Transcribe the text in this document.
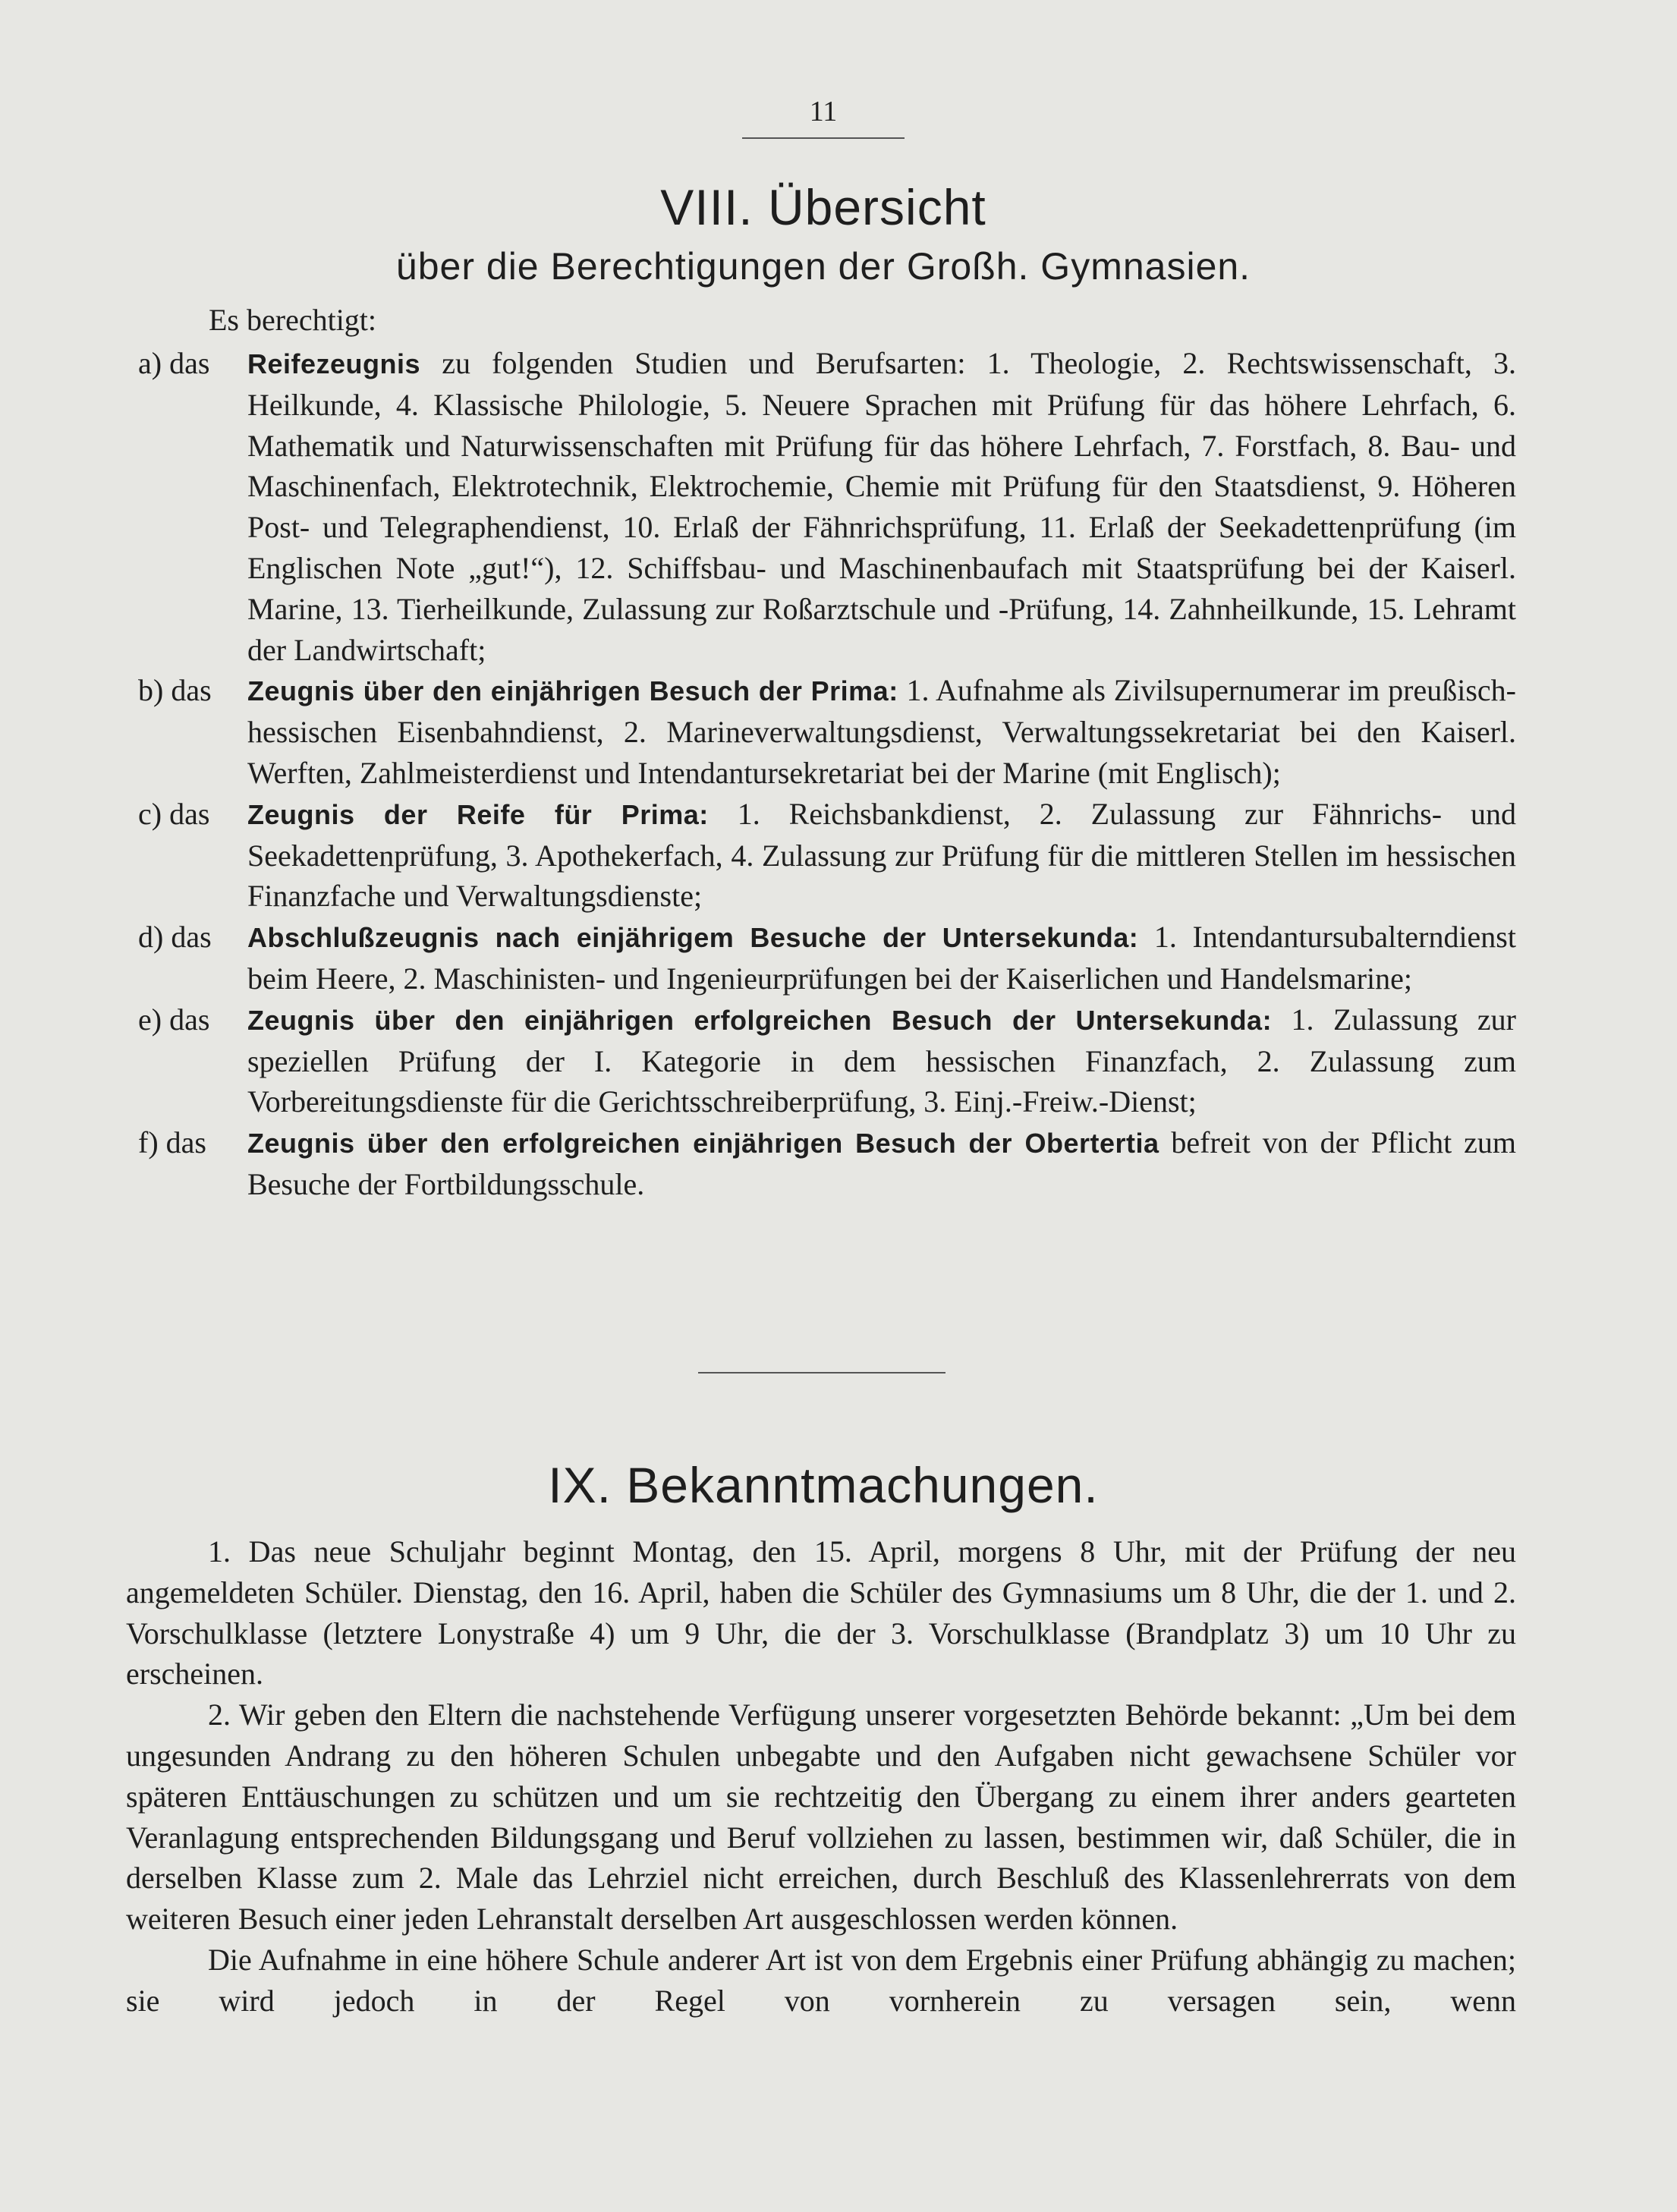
11
VIII. Übersicht
über die Berechtigungen der Großh. Gymnasien.
Es berechtigt:
a) das	Reifezeugnis zu folgenden Studien und Berufsarten: 1. Theologie, 2. Rechtswissenschaft, 3. Heilkunde, 4. Klassische Philologie, 5. Neuere Sprachen mit Prüfung für das höhere Lehrfach, 6. Mathematik und Naturwissenschaften mit Prüfung für das höhere Lehrfach, 7. Forstfach, 8. Bau- und Maschinenfach, Elektrotechnik, Elektrochemie, Chemie mit Prüfung für den Staatsdienst, 9. Höheren Post- und Telegraphendienst, 10. Erlaß der Fähnrichsprüfung, 11. Erlaß der Seekadettenprüfung (im Englischen Note „gut!“), 12. Schiffsbau- und Maschinenbaufach mit Staatsprüfung bei der Kaiserl. Marine, 13. Tierheilkunde, Zulassung zur Roßarztschule und -Prüfung, 14. Zahnheilkunde, 15. Lehramt der Landwirtschaft;

b) das	Zeugnis über den einjährigen Besuch der Prima: 1. Aufnahme als Zivilsupernumerar im preußisch-hessischen Eisenbahndienst, 2. Marineverwaltungsdienst, Verwaltungssekretariat bei den Kaiserl. Werften, Zahlmeisterdienst und Intendantursekretariat bei der Marine (mit Englisch);

c) das	Zeugnis der Reife für Prima: 1. Reichsbankdienst, 2. Zulassung zur Fähnrichs- und Seekadettenprüfung, 3. Apothekerfach, 4. Zulassung zur Prüfung für die mittleren Stellen im hessischen Finanzfache und Verwaltungsdienste;

d) das	Abschlußzeugnis nach einjährigem Besuche der Untersekunda: 1. Intendantursubalterndienst beim Heere, 2. Maschinisten- und Ingenieurprüfungen bei der Kaiserlichen und Handelsmarine;

e) das	Zeugnis über den einjährigen erfolgreichen Besuch der Untersekunda: 1. Zulassung zur speziellen Prüfung der I. Kategorie in dem hessischen Finanzfach, 2. Zulassung zum Vorbereitungsdienste für die Gerichtsschreiberprüfung, 3. Einj.-Freiw.-Dienst;

f) das	Zeugnis über den erfolgreichen einjährigen Besuch der Obertertia befreit von der Pflicht zum Besuche der Fortbildungsschule.

IX. Bekanntmachungen.

1. Das neue Schuljahr beginnt Montag, den 15. April, morgens 8 Uhr, mit der Prüfung der neu angemeldeten Schüler. Dienstag, den 16. April, haben die Schüler des Gymnasiums um 8 Uhr, die der 1. und 2. Vorschulklasse (letztere Lonystraße 4) um 9 Uhr, die der 3. Vorschulklasse (Brandplatz 3) um 10 Uhr zu erscheinen.

2. Wir geben den Eltern die nachstehende Verfügung unserer vorgesetzten Behörde bekannt: „Um bei dem ungesunden Andrang zu den höheren Schulen unbegabte und den Aufgaben nicht gewachsene Schüler vor späteren Enttäuschungen zu schützen und um sie rechtzeitig den Übergang zu einem ihrer anders gearteten Veranlagung entsprechenden Bildungsgang und Beruf vollziehen zu lassen, bestimmen wir, daß Schüler, die in derselben Klasse zum 2. Male das Lehrziel nicht erreichen, durch Beschluß des Klassenlehrerrats von dem weiteren Besuch einer jeden Lehranstalt derselben Art ausgeschlossen werden können.

Die Aufnahme in eine höhere Schule anderer Art ist von dem Ergebnis einer Prüfung abhängig zu machen; sie wird jedoch in der Regel von vornherein zu versagen sein, wenn
